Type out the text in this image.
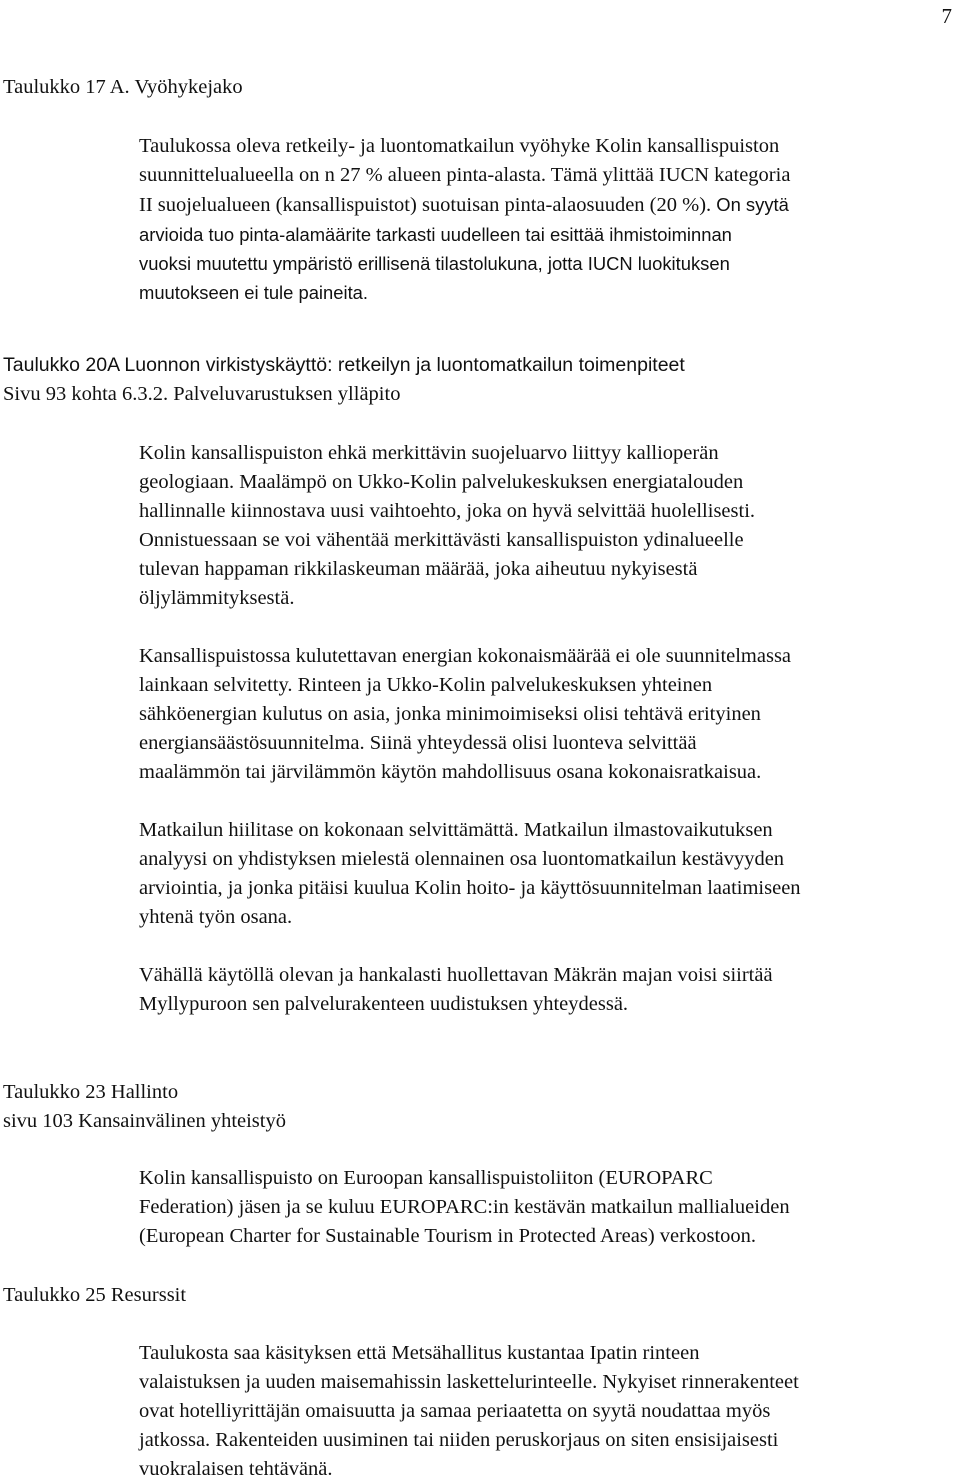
7
Taulukko 17 A. Vyöhykejako
Taulukossa oleva retkeily- ja luontomatkailun vyöhyke Kolin kansallispuiston
suunnittelualueella on n 27 % alueen pinta-alasta. Tämä ylittää IUCN kategoria
II suojelualueen (kansallispuistot) suotuisan pinta-alaosuuden (20 %). On syytä
arvioida tuo pinta-alamäärite tarkasti uudelleen tai esittää ihmistoiminnan
vuoksi muutettu ympäristö erillisenä tilastolukuna, jotta IUCN luokituksen
muutokseen ei tule paineita.
Taulukko 20A Luonnon virkistyskäyttö: retkeilyn ja luontomatkailun toimenpiteet
Sivu 93 kohta 6.3.2. Palveluvarustuksen ylläpito
Kolin kansallispuiston ehkä merkittävin suojeluarvo liittyy kallioperän
geologiaan. Maalämpö on Ukko-Kolin palvelukeskuksen energiatalouden
hallinnalle kiinnostava uusi vaihtoehto, joka on hyvä selvittää huolellisesti.
Onnistuessaan se voi vähentää merkittävästi kansallispuiston ydinalueelle
tulevan happaman rikkilaskeuman määrää, joka aiheutuu nykyisestä
öljylämmityksestä.
Kansallispuistossa kulutettavan energian kokonaismäärää ei ole suunnitelmassa
lainkaan selvitetty. Rinteen ja Ukko-Kolin palvelukeskuksen yhteinen
sähköenergian kulutus on asia, jonka minimoimiseksi olisi tehtävä erityinen
energiansäästösuunnitelma. Siinä yhteydessä olisi luonteva selvittää
maalämmön tai järvilämmön käytön mahdollisuus osana kokonaisratkaisua.
Matkailun hiilitase on kokonaan selvittämättä. Matkailun ilmastovaikutuksen
analyysi on yhdistyksen mielestä olennainen osa luontomatkailun kestävyyden
arviointia, ja jonka pitäisi kuulua Kolin hoito- ja käyttösuunnitelman laatimiseen
yhtenä työn osana.
Vähällä käytöllä olevan ja hankalasti huollettavan Mäkrän majan voisi siirtää
Myllypuroon sen palvelurakenteen uudistuksen yhteydessä.
Taulukko 23 Hallinto
sivu 103 Kansainvälinen yhteistyö
Kolin kansallispuisto on Euroopan kansallispuistoliiton (EUROPARC
Federation) jäsen ja se kuluu EUROPARC:in kestävän matkailun mallialueiden
(European Charter for Sustainable Tourism in Protected Areas) verkostoon.
Taulukko 25 Resurssit
Taulukosta saa käsityksen että Metsähallitus kustantaa Ipatin rinteen
valaistuksen ja uuden maisemahissin laskettelurinteelle. Nykyiset rinnerakenteet
ovat hotelliyrittäjän omaisuutta ja samaa periaatetta on syytä noudattaa myös
jatkossa. Rakenteiden uusiminen tai niiden peruskorjaus on siten ensisijaisesti
vuokralaisen tehtävänä.
